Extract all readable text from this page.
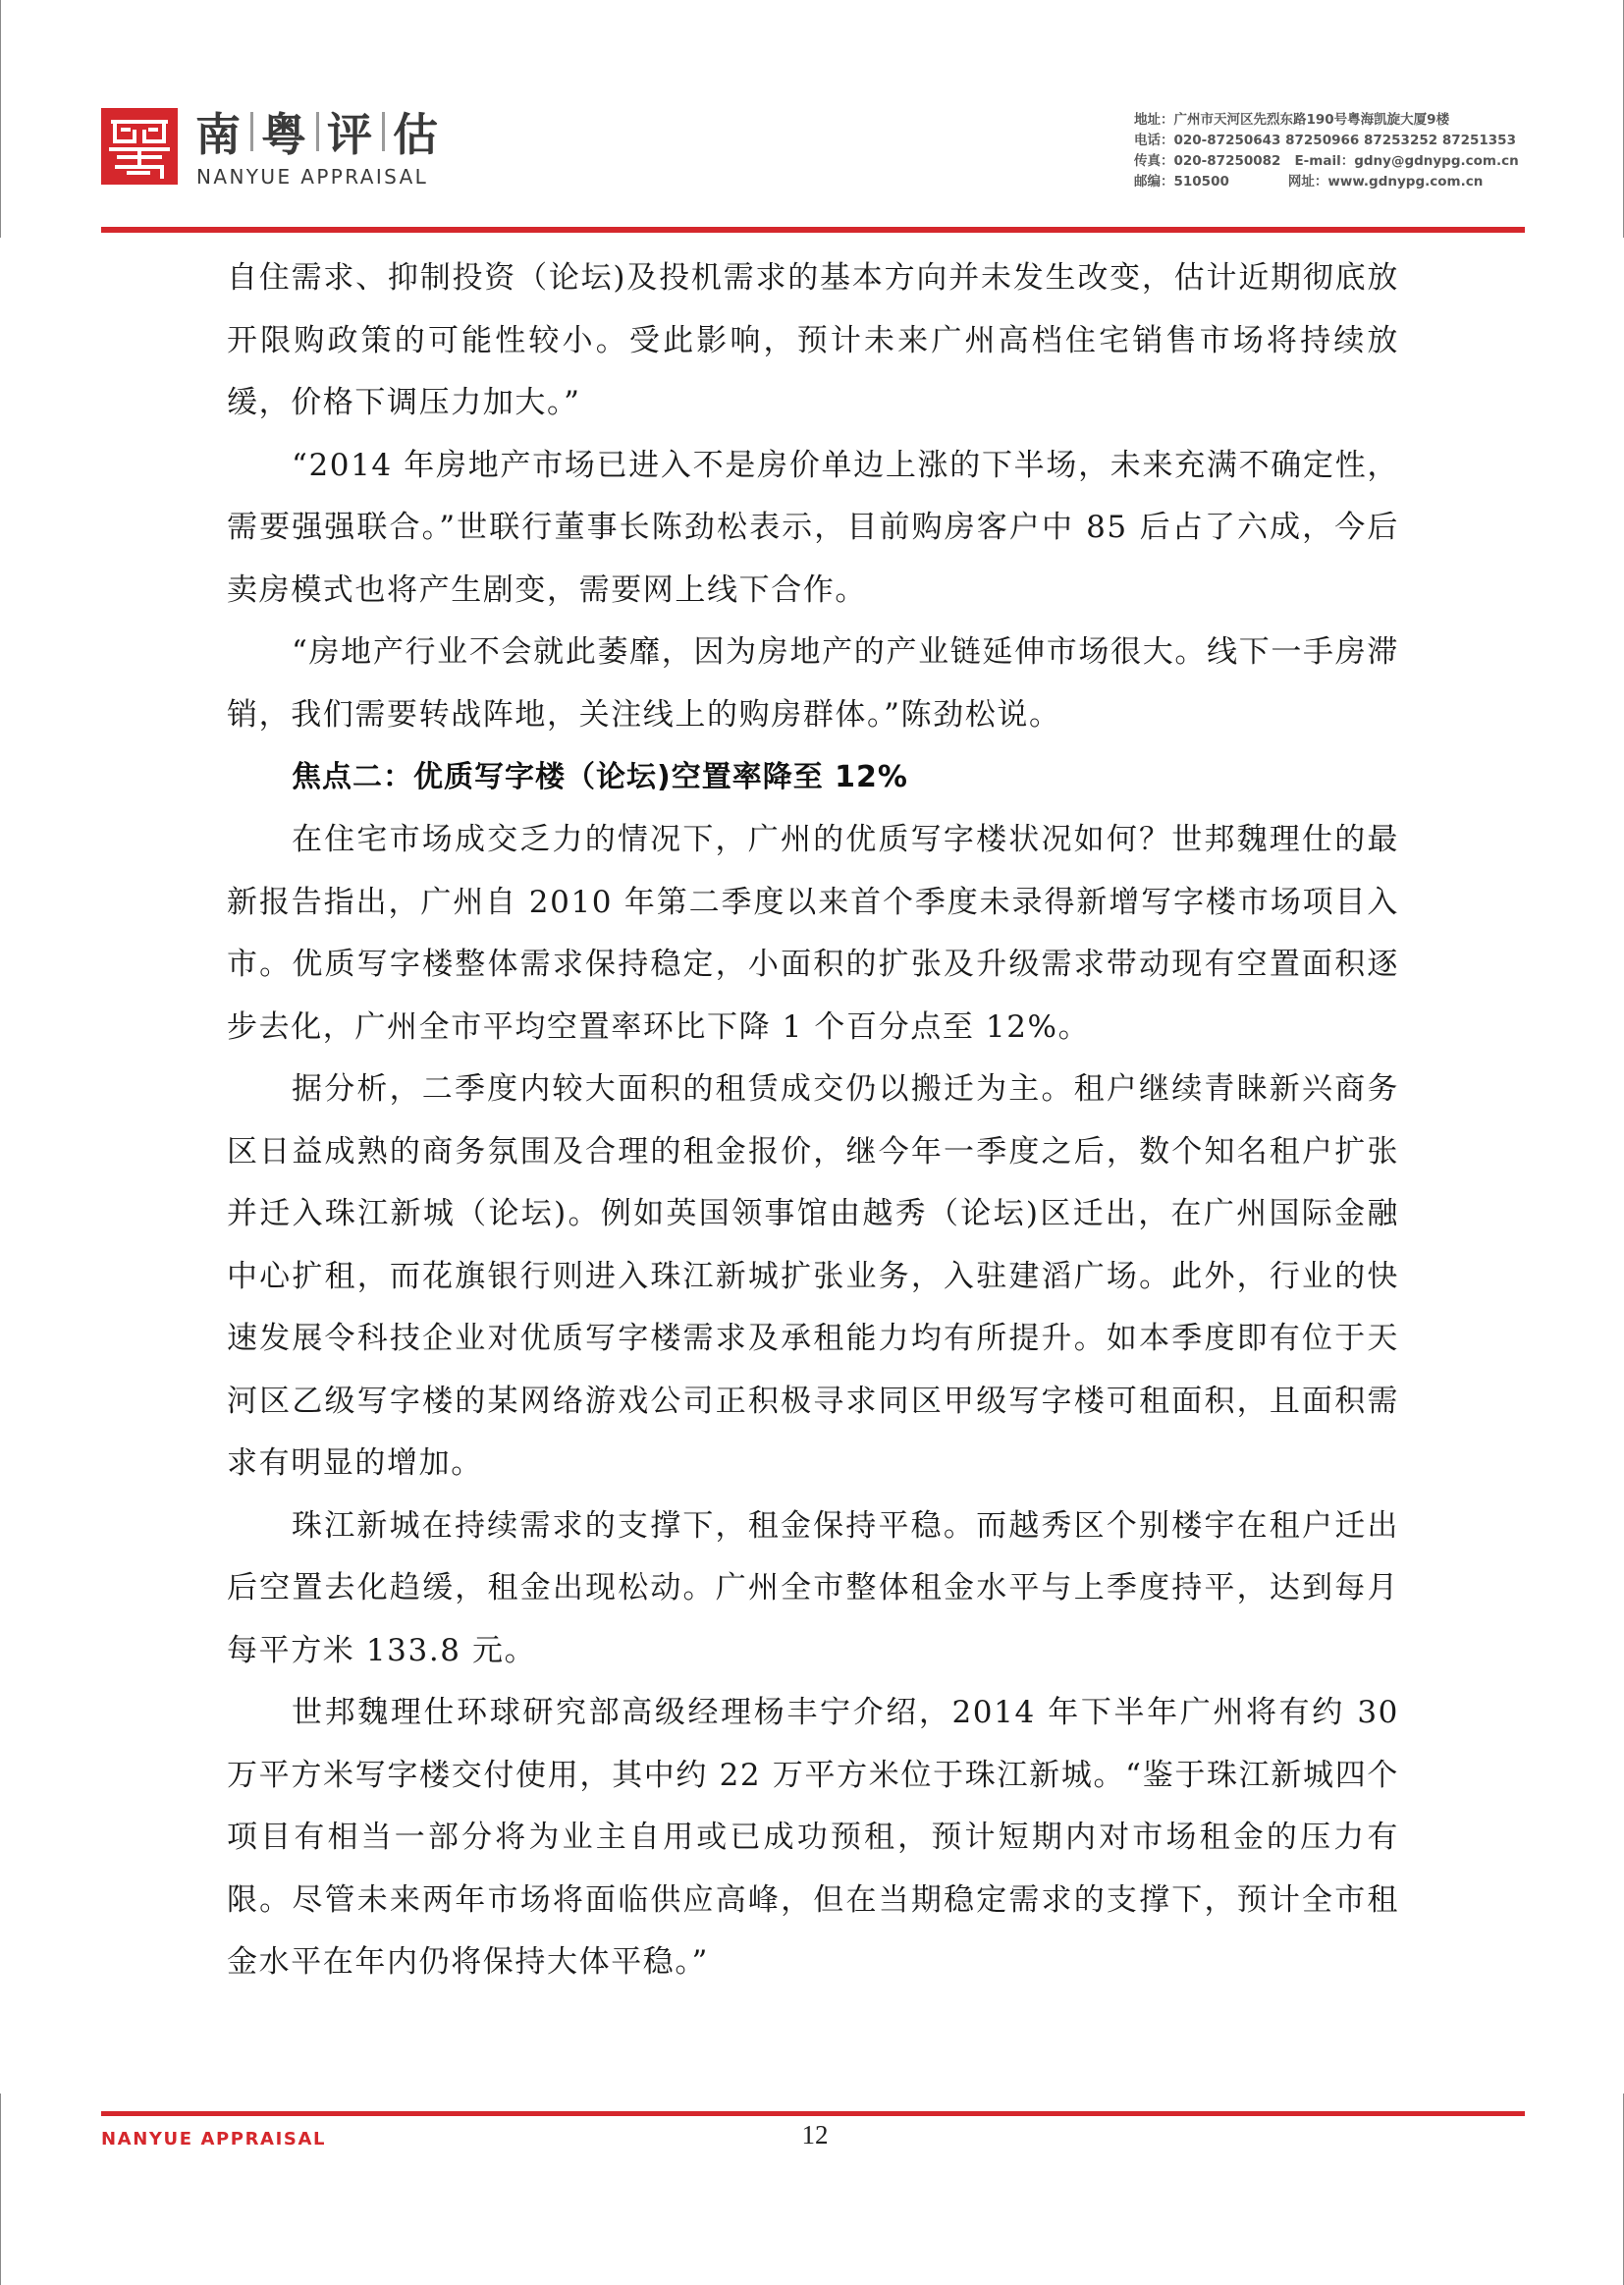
南 粤 评 估
NANYUE APPRAISAL
地址：广州市天河区先烈东路190号粤海凯旋大厦9楼
电话：020-87250643 87250966 87253252 87251353
传真：020-87250082 E-mail：gdny@gdnypg.com.cn
邮编：510500	网址：www.gdnypg.com.cn

自住需求、抑制投资（论坛)及投机需求的基本方向并未发生改变，估计近期彻底放开限购政策的可能性较小。受此影响，预计未来广州高档住宅销售市场将持续放缓，价格下调压力加大。”

“2014 年房地产市场已进入不是房价单边上涨的下半场，未来充满不确定性，需要强强联合。”世联行董事长陈劲松表示，目前购房客户中 85 后占了六成，今后卖房模式也将产生剧变，需要网上线下合作。

“房地产行业不会就此萎靡，因为房地产的产业链延伸市场很大。线下一手房滞销，我们需要转战阵地，关注线上的购房群体。”陈劲松说。

焦点二：优质写字楼（论坛)空置率降至 12%

在住宅市场成交乏力的情况下，广州的优质写字楼状况如何？世邦魏理仕的最新报告指出，广州自 2010 年第二季度以来首个季度未录得新增写字楼市场项目入市。优质写字楼整体需求保持稳定，小面积的扩张及升级需求带动现有空置面积逐步去化，广州全市平均空置率环比下降 1 个百分点至 12%。

据分析，二季度内较大面积的租赁成交仍以搬迁为主。租户继续青睐新兴商务区日益成熟的商务氛围及合理的租金报价，继今年一季度之后，数个知名租户扩张并迁入珠江新城（论坛)。例如英国领事馆由越秀（论坛)区迁出，在广州国际金融中心扩租，而花旗银行则进入珠江新城扩张业务，入驻建滔广场。此外，行业的快速发展令科技企业对优质写字楼需求及承租能力均有所提升。如本季度即有位于天河区乙级写字楼的某网络游戏公司正积极寻求同区甲级写字楼可租面积，且面积需求有明显的增加。

珠江新城在持续需求的支撑下，租金保持平稳。而越秀区个别楼宇在租户迁出后空置去化趋缓，租金出现松动。广州全市整体租金水平与上季度持平，达到每月每平方米 133.8 元。

世邦魏理仕环球研究部高级经理杨丰宁介绍，2014 年下半年广州将有约 30 万平方米写字楼交付使用，其中约 22 万平方米位于珠江新城。“鉴于珠江新城四个项目有相当一部分将为业主自用或已成功预租，预计短期内对市场租金的压力有限。尽管未来两年市场将面临供应高峰，但在当期稳定需求的支撑下，预计全市租金水平在年内仍将保持大体平稳。”

NANYUE APPRAISAL	12
